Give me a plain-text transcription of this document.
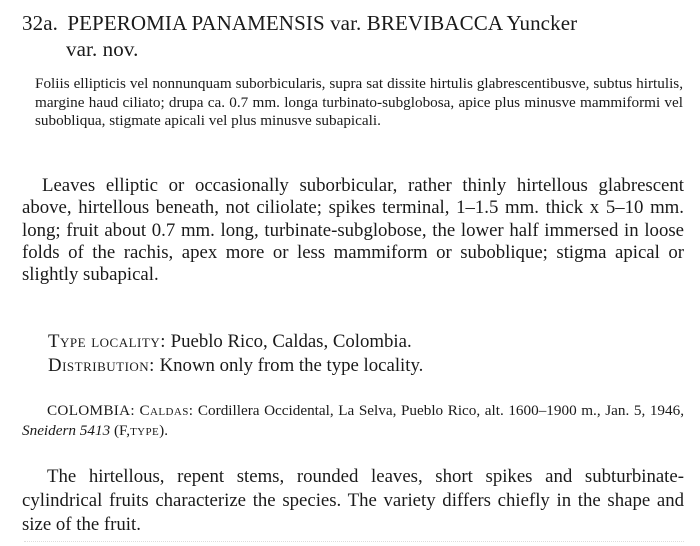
32a. PEPEROMIA PANAMENSIS var. BREVIBACCA Yuncker
var. nov.

Foliis ellipticis vel nonnunquam suborbicularis, supra sat dissite hirtulis glabrescentibusve, subtus hirtulis, margine haud ciliato; drupa ca. 0.7 mm. longa turbinato-subglobosa, apice plus minusve mammiformi vel subobliqua, stigmate apicali vel plus minusve subapicali.

Leaves elliptic or occasionally suborbicular, rather thinly hirtellous glabrescent above, hirtellous beneath, not ciliolate; spikes terminal, 1–1.5 mm. thick x 5–10 mm. long; fruit about 0.7 mm. long, turbinate-subglobose, the lower half immersed in loose folds of the rachis, apex more or less mammiform or suboblique; stigma apical or slightly subapical.

Type locality: Pueblo Rico, Caldas, Colombia.
Distribution: Known only from the type locality.

COLOMBIA: Caldas: Cordillera Occidental, La Selva, Pueblo Rico, alt. 1600–1900 m., Jan. 5, 1946, Sneidern 5413 (F,type).

The hirtellous, repent stems, rounded leaves, short spikes and subturbinate-cylindrical fruits characterize the species. The variety differs chiefly in the shape and size of the fruit.
